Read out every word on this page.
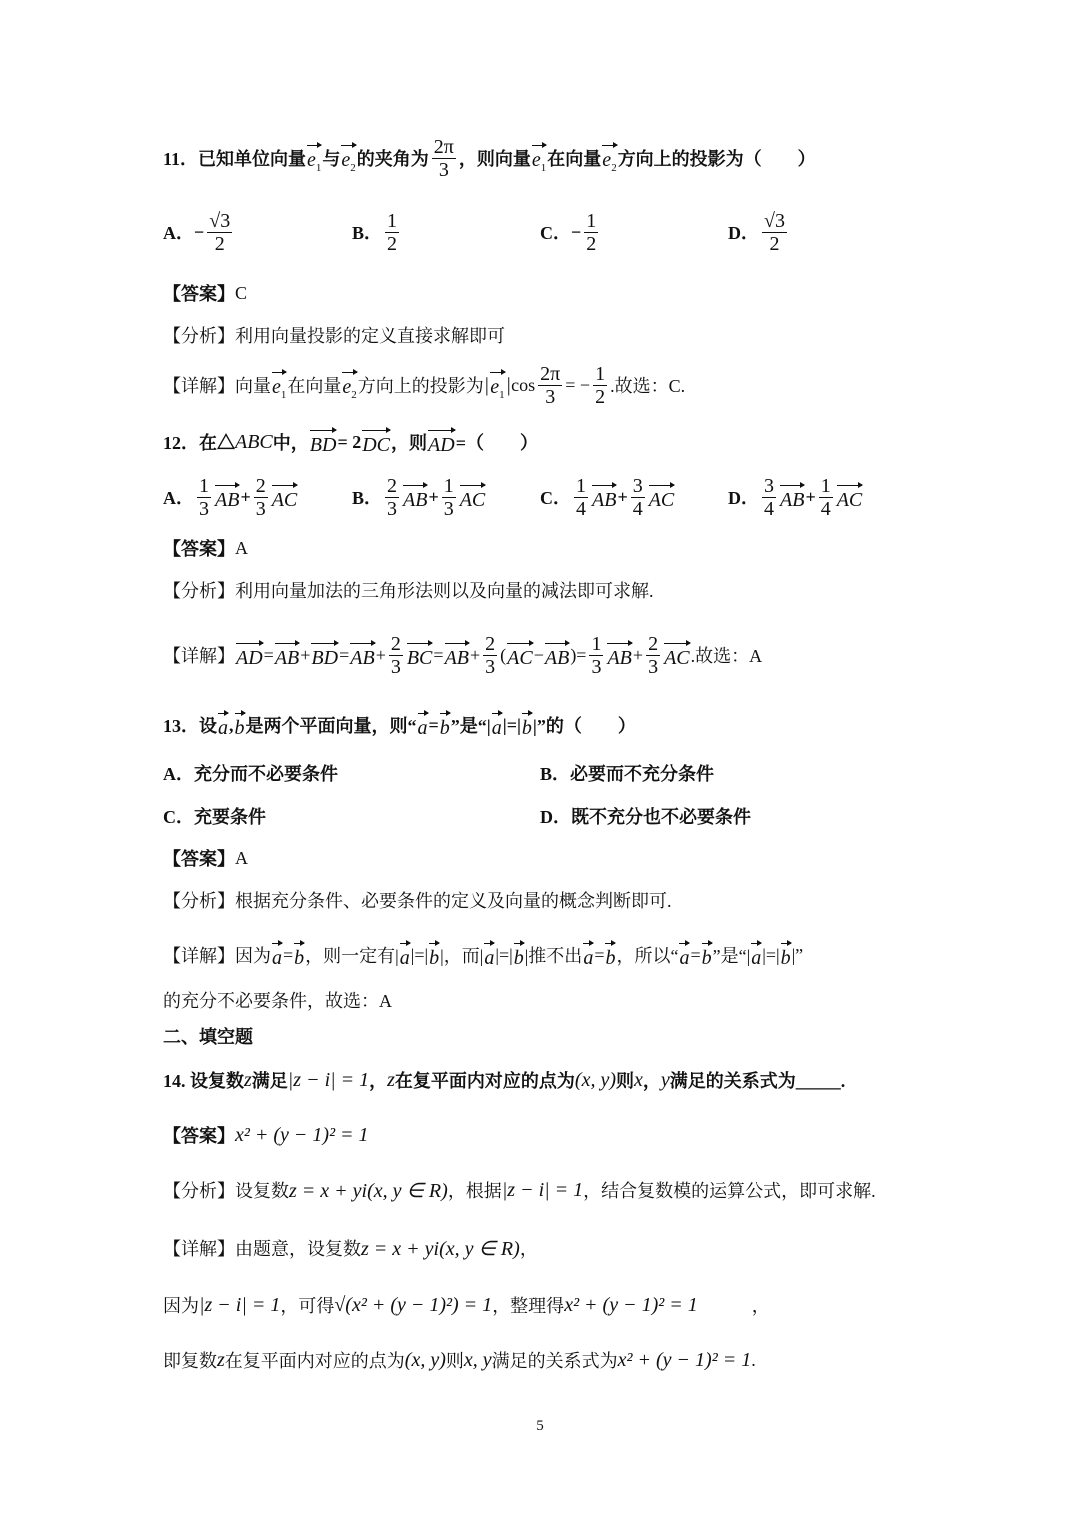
11．已知单位向量 $e_1$ 与 $e_2$ 的夹角为 $\frac{2\pi}{3}$ ，则向量 $e_1$ 在向量 $e_2$ 方向上的投影为（　　）
A． − $\frac{√3}{2}$	B． $\frac{1}{2}$	C． − $\frac{1}{2}$	D． $\frac{√3}{2}$
【答案】 C
【分析】利用向量投影的定义直接求解即可
【详解】向量 $e_1$ 在向量 $e_2$ 方向上的投影为 | $e_1$ | $\cos \frac{2\pi}{3}$ = − $\frac{1}{2}$ .故选：C.
12．在△ ABC 中， BD = 2 DC ，则 AD =（　　）
A． $\frac{1}{3}$ AB + $\frac{2}{3}$ AC	B． $\frac{2}{3}$ AB + $\frac{1}{3}$ AC	C． $\frac{1}{4}$ AB + $\frac{3}{4}$ AC	D． $\frac{3}{4}$ AB + $\frac{1}{4}$ AC
【答案】 A
【分析】利用向量加法的三角形法则以及向量的减法即可求解.
【详解】 AD = AB + BD = AB + $\frac{2}{3}$ BC = AB + $\frac{2}{3}$ ( AC − AB )= $\frac{1}{3}$ AB + $\frac{2}{3}$ AC .故选：A
13．设 a , b 是两个平面向量，则“ a = b ”是“| a |=| b |”的（　　）
A．充分而不必要条件	B．必要而不充分条件
C．充要条件	D．既不充分也不必要条件
【答案】 A
【分析】根据充分条件、必要条件的定义及向量的概念判断即可.
【详解】因为 a = b ，则一定有| a |=| b |，而| a |=| b |推不出 a = b ，所以“ a = b ”是“| a |=| b |”
的充分不必要条件，故选：A
二、填空题
14. 设复数 z 满足 |z − i| = 1 ， z 在复平面内对应的点为 (x, y) 则 x ， y 满足的关系式为_____.
【答案】 x² + (y − 1)² = 1
【分析】设复数 z = x + yi(x, y ∈ R) ，根据 |z − i| = 1 ，结合复数模的运算公式，即可求解.
【详解】由题意，设复数 z = x + yi(x, y ∈ R) ，
因为 |z − i| = 1 ，可得 √(x² + (y − 1)²) = 1 ，整理得 x² + (y − 1)² = 1 　　　，
即复数 z 在复平面内对应的点为 (x, y) 则 x, y 满足的关系式为 x² + (y − 1)² = 1 .
5
